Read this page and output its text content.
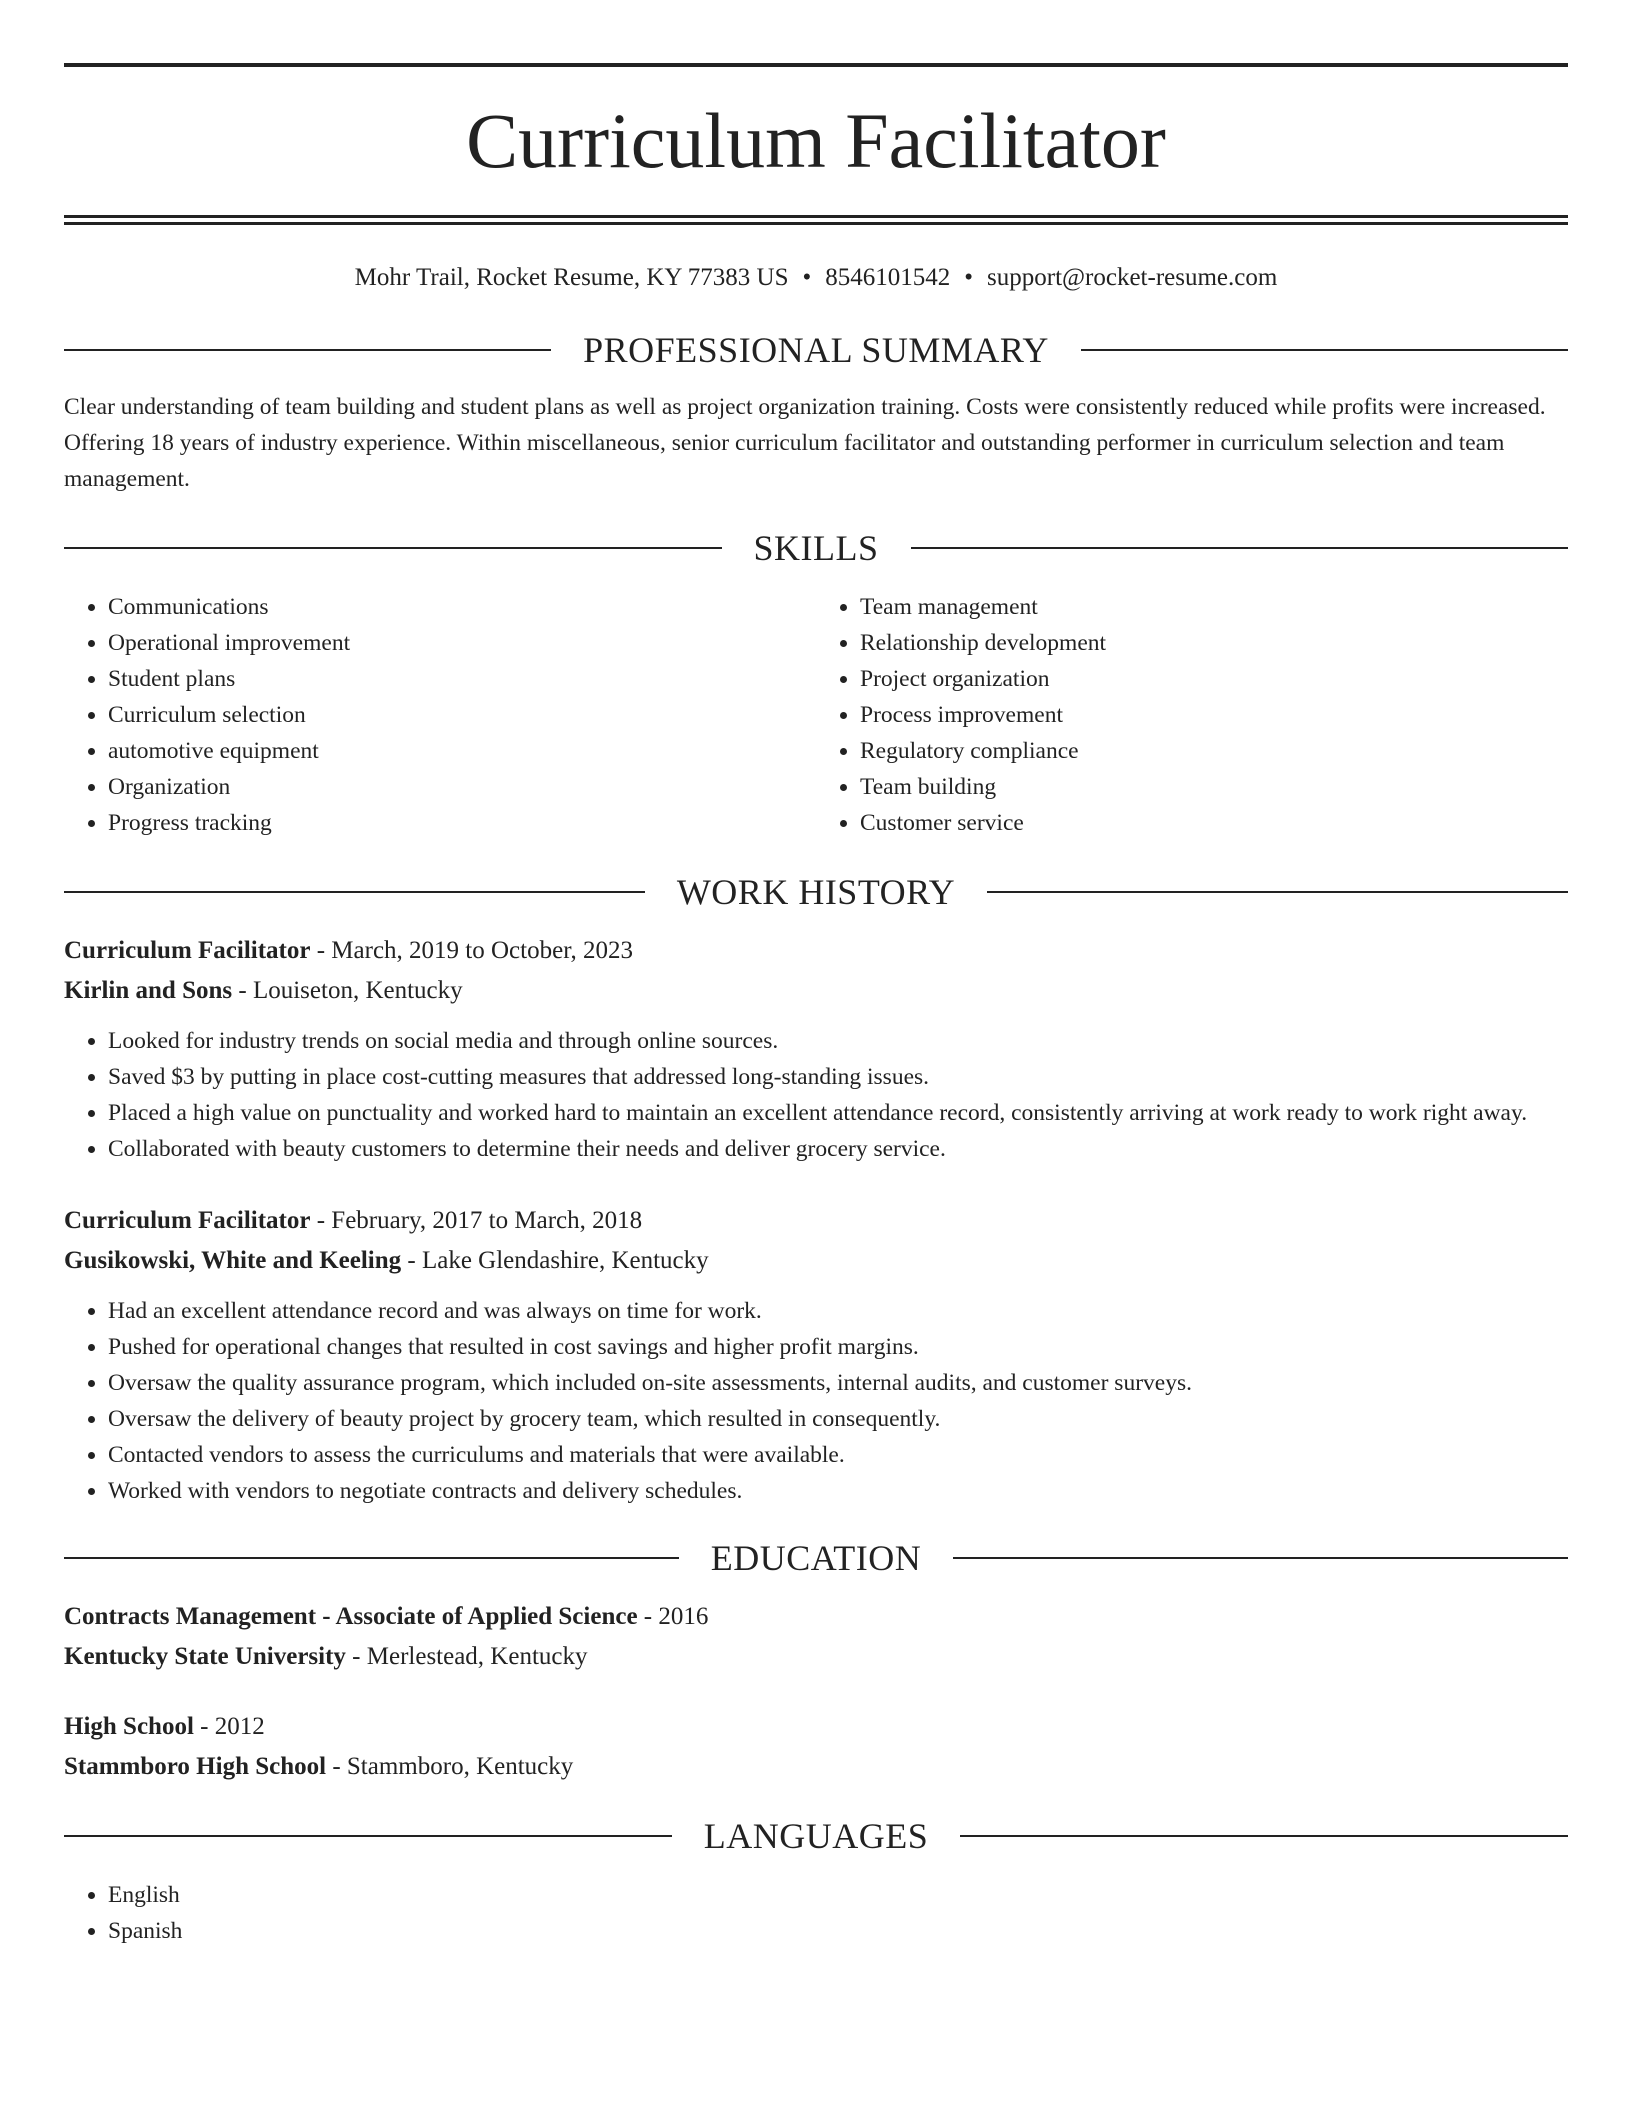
Curriculum Facilitator
Mohr Trail, Rocket Resume, KY 77383 US • 8546101542 • support@rocket-resume.com
PROFESSIONAL SUMMARY
Clear understanding of team building and student plans as well as project organization training. Costs were consistently reduced while profits were increased. Offering 18 years of industry experience. Within miscellaneous, senior curriculum facilitator and outstanding performer in curriculum selection and team management.
SKILLS
• Communications
• Operational improvement
• Student plans
• Curriculum selection
• automotive equipment
• Organization
• Progress tracking
• Team management
• Relationship development
• Project organization
• Process improvement
• Regulatory compliance
• Team building
• Customer service
WORK HISTORY
Curriculum Facilitator - March, 2019 to October, 2023
Kirlin and Sons - Louiseton, Kentucky
• Looked for industry trends on social media and through online sources.
• Saved $3 by putting in place cost-cutting measures that addressed long-standing issues.
• Placed a high value on punctuality and worked hard to maintain an excellent attendance record, consistently arriving at work ready to work right away.
• Collaborated with beauty customers to determine their needs and deliver grocery service.
Curriculum Facilitator - February, 2017 to March, 2018
Gusikowski, White and Keeling - Lake Glendashire, Kentucky
• Had an excellent attendance record and was always on time for work.
• Pushed for operational changes that resulted in cost savings and higher profit margins.
• Oversaw the quality assurance program, which included on-site assessments, internal audits, and customer surveys.
• Oversaw the delivery of beauty project by grocery team, which resulted in consequently.
• Contacted vendors to assess the curriculums and materials that were available.
• Worked with vendors to negotiate contracts and delivery schedules.
EDUCATION
Contracts Management - Associate of Applied Science - 2016
Kentucky State University - Merlestead, Kentucky
High School - 2012
Stammboro High School - Stammboro, Kentucky
LANGUAGES
• English
• Spanish
